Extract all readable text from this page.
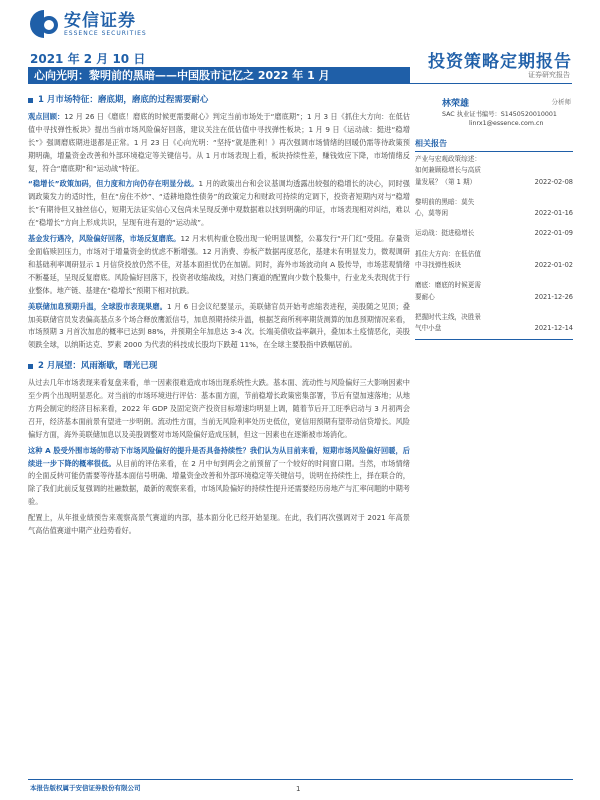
安信证券
ESSENCE SECURITIES
2021 年 2 月 10 日	投资策略定期报告
心向光明：黎明前的黑暗——中国股市记忆之 2022 年 1 月	证券研究报告
1 月市场特征：磨底期，磨底的过程需要耐心
观点回顾：12 月 26 日《磨底！磨底的时候更需要耐心》判定当前市场处于“磨底期”；1 月 3 日《抓住大方向：在低估值中寻找弹性板块》提出当前市场风险偏好回落，建议关注在低估值中寻找弹性板块；1 月 9 日《运动战：挺进“稳增长”》强调磨底期进退都是正常。1 月 23 日《心向光明：“坚持”就是胜利！》再次强调市场情绪的回暖仍需等待政策预期明确，增量资金改善和外部环境稳定等关键信号。从 1 月市场表现上看，板块持续性差，赚钱效应下降，市场情绪反复，符合“磨底期”和“运动战”特征。
“稳增长”政策加码，但力度和方向仍存在明显分歧。1 月的政策出台和会议基调均透露出较强的稳增长的决心，同时强调政策发力的适时性，但在“房住不炒”、“适耕地隐性债务”的政策定力和财政可持续的定调下，投资者短期内对与“稳增长”有期待但又抽丝信心，短期无法证实信心又包尚未呈现反弹中观数据难以找到明确的印证，市场表现相对纠结，难以在“稳增长”方向上形成共识，呈现有进有退的“运动战”。
基金发行遇冷，风险偏好回落，市场反复磨底。12 月末机构重仓股出现一轮明显调整，公募发行“开门红”受阻。存量资金面临赎回压力，市场对于增量资金的忧虑不断增强。12 月消费、券板产数据再度恶化，基建未有明显发力，微观调研和基础利率调研显示 1 月信贷投放仍然不佳，对基本面担忧仍在加剧。同时，海外市场波动向 A 股传导，市场悲观情绪不断蔓延，呈现反复磨底。风险偏好回落下，投资者收缩战线，对热门赛道的配置向少数个股集中，行业龙头表现优于行业整体。地产链、基建在“稳增长”预期下相对抗跌。
美联储加息预期升温，全球股市表现果磨。1 月 6 日会议纪要显示，美联储官员开始考虑缩表进程，美股随之见顶；叠加美联储官员发表偏高基点多个场合释放鹰派信号，加息预期持续升温，根据芝商所利率期货测算的加息预期情况来看，市场预期 3 月首次加息的概率已达到 88%，并预期全年加息达 3-4 次。长端美债收益率飙升，叠加本土疫情恶化，美股领跌全球，以纳斯达克、罗素 2000 为代表的科技成长股均下跌超 11%，在全球主要股指中跌幅居前。
2 月展望：风雨渐歇，曙光已现
从过去几年市场表现来看复盘来看，单一因素很难造成市场出现系统性大跌。基本面、流动性与风险偏好三大影响因素中至少两个出现明显恶化。对当前的市场环境进行评估：基本面方面，节前稳增长政策密集部署，节后有望加速落地；从地方两会制定的经济目标来看，2022 年 GDP 及固定资产投资目标增速均明显上调，随着节后开工旺季启动与 3 月初两会召开，经济基本面前景有望进一步明朗。流动性方面，当前无风险利率处历史低位，宽信用预期有望带动信贷增长。风险偏好方面，海外美联储加息以及美股调整对市场风险偏好造成压制，但这一因素也在逐渐被市场消化。
这种 A 股受外围市场的带动下市场风险偏好的提升是否具备持续性？我们认为从目前来看，短期市场风险偏好回暖，后续进一步下降的概率很低。从目前的评估来看，在 2 月中旬到两会之前预留了一个较好的时间窗口期。当然，市场情绪的全面反转可能仍需要等待基本面信号明确、增量资金改善和外部环境稳定等关键信号，说明在持续性上，择在联合的，除了我们此前反复强调的社融数据，最新的观察来看，市场风险偏好的持续性提升还需要经历房地产与汇率问题的中期考验。
配置上，从年报业绩预告来观察高景气赛道的内部，基本面分化已经开始显现。在此，我们再次强调对于 2021 年高景气高估值赛道中期产业趋势看好。
林荣雄	分析师
SAC 执业证书编号：S1450520010001
linrx1@essence.com.cn
相关报告
产业与宏观政策综述：
如何兼顾稳增长与高质
量发展？（第 1 期）	2022-02-08
黎明前的黑暗：莫失
心，莫等闲	2022-01-16
运动战：挺进稳增长	2022-01-09
抓住大方向：在低估值
中寻找弹性板块	2022-01-02
磨底：磨底的时候更需
要耐心	2021-12-26
把握时代主线，决胜景
气中小盘	2021-12-14
本报告版权属于安信证券股份有限公司	1
